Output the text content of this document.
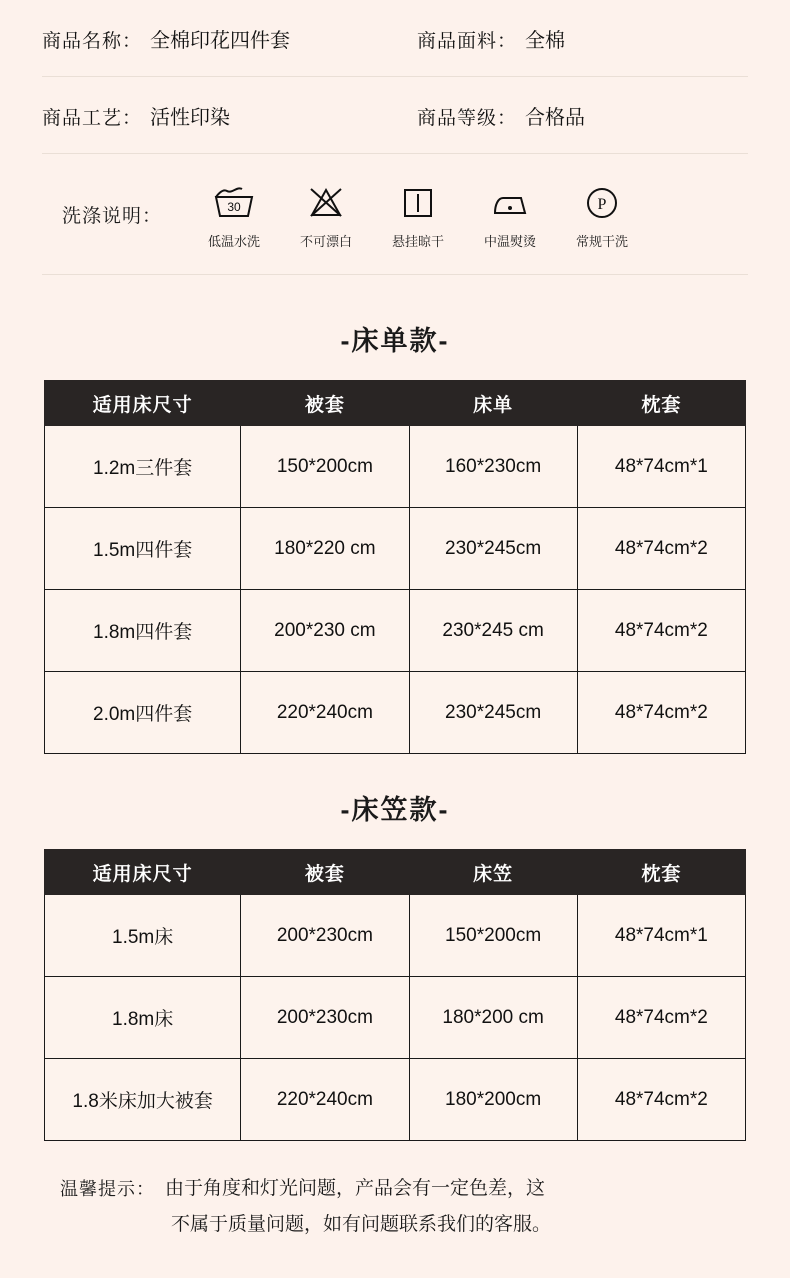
商品名称： 全棉印花四件套	商品面料： 全棉
商品工艺： 活性印染	商品等级： 合格品
洗涤说明：	30
低温水洗	不可漂白	悬挂晾干	中温熨烫
P
常规干洗
-床单款-
适用床尺寸	被套	床单	枕套
1.2m三件套	150*200cm	160*230cm	48*74cm*1
1.5m四件套	180*220 cm	230*245cm	48*74cm*2
1.8m四件套	200*230 cm	230*245 cm	48*74cm*2
2.0m四件套	220*240cm	230*245cm	48*74cm*2
-床笠款-
适用床尺寸	被套	床笠	枕套
1.5m床	200*230cm	150*200cm	48*74cm*1
1.8m床	200*230cm	180*200 cm	48*74cm*2
1.8米床加大被套	220*240cm	180*200cm	48*74cm*2
温馨提示： 由于角度和灯光问题，产品会有一定色差，这
不属于质量问题，如有问题联系我们的客服。
